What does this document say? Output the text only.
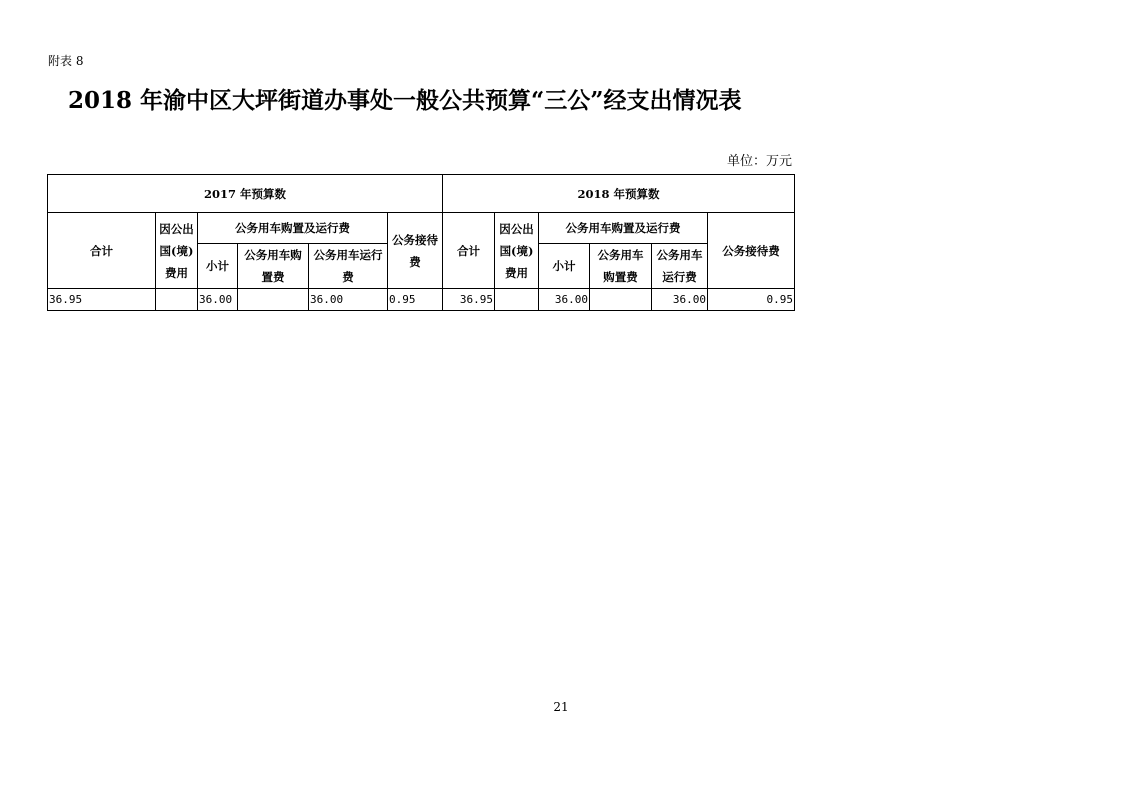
附表 8
2018 年渝中区大坪街道办事处一般公共预算“三公”经支出情况表
单位：万元
2017 年预算数						2018 年预算数					
合计	因公出国(境)费用	公务用车购置及运行费			公务接待费	合计	因公出国(境)费用	公务用车购置及运行费			公务接待费
		小计	公务用车购置费	公务用车运行费				小计	公务用车购置费	公务用车运行费	
36.95		36.00		36.00	0.95	36.95		36.00		36.00	0.95
21
